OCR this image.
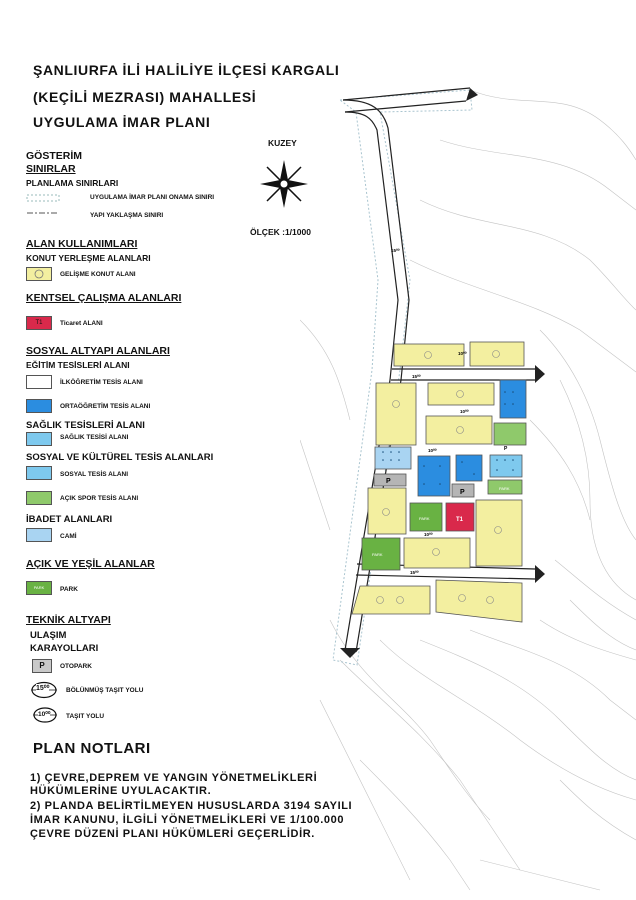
ŞANLIURFA İLİ HALİLİYE İLÇESİ KARGALI
(KEÇİLİ MEZRASI) MAHALLESİ
UYGULAMA İMAR PLANI
KUZEY
ÖLÇEK :1/1000
GÖSTERİM
SINIRLAR
PLANLAMA SINIRLARI
UYGULAMA İMAR PLANI ONAMA SINIRI
YAPI YAKLAŞMA SINIRI
ALAN KULLANIMLARI
KONUT YERLEŞME ALANLARI
GELİŞME KONUT ALANI
KENTSEL ÇALIŞMA ALANLARI
T1	Ticaret ALANI
SOSYAL ALTYAPI ALANLARI
EĞİTİM TESİSLERİ ALANI
İLKÖĞRETİM TESİS ALANI
ORTAÖĞRETİM TESİS ALANI
SAĞLIK TESİSLERİ ALANI
SAĞLIK TESİSİ ALANI
SOSYAL VE KÜLTÜREL TESİS ALANLARI
SOSYAL TESİS ALANI
AÇIK SPOR TESİS ALANI
İBADET ALANLARI
CAMİ
AÇIK VE YEŞİL ALANLAR
PARK	PARK
TEKNİK ALTYAPI
ULAŞIM
KARAYOLLARI
P	OTOPARK
15⁰⁰	BÖLÜNMÜŞ TAŞIT YOLU
10⁰⁰ TAŞIT YOLU
PLAN NOTLARI
1) ÇEVRE,DEPREM VE YANGIN YÖNETMELİKLERİ
HÜKÜMLERİNE UYULACAKTIR.
2) PLANDA BELİRTİLMEYEN HUSUSLARDA 3194 SAYILI
İMAR KANUNU, İLGİLİ YÖNETMELİKLERİ VE 1/100.000
ÇEVRE DÜZENİ PLANI HÜKÜMLERİ GEÇERLİDİR.
P
P
P
T1
PARK
PARK
PARK
15⁰⁰
10⁰⁰
15⁰⁰
10⁰⁰
10⁰⁰
10⁰⁰
15⁰⁰
